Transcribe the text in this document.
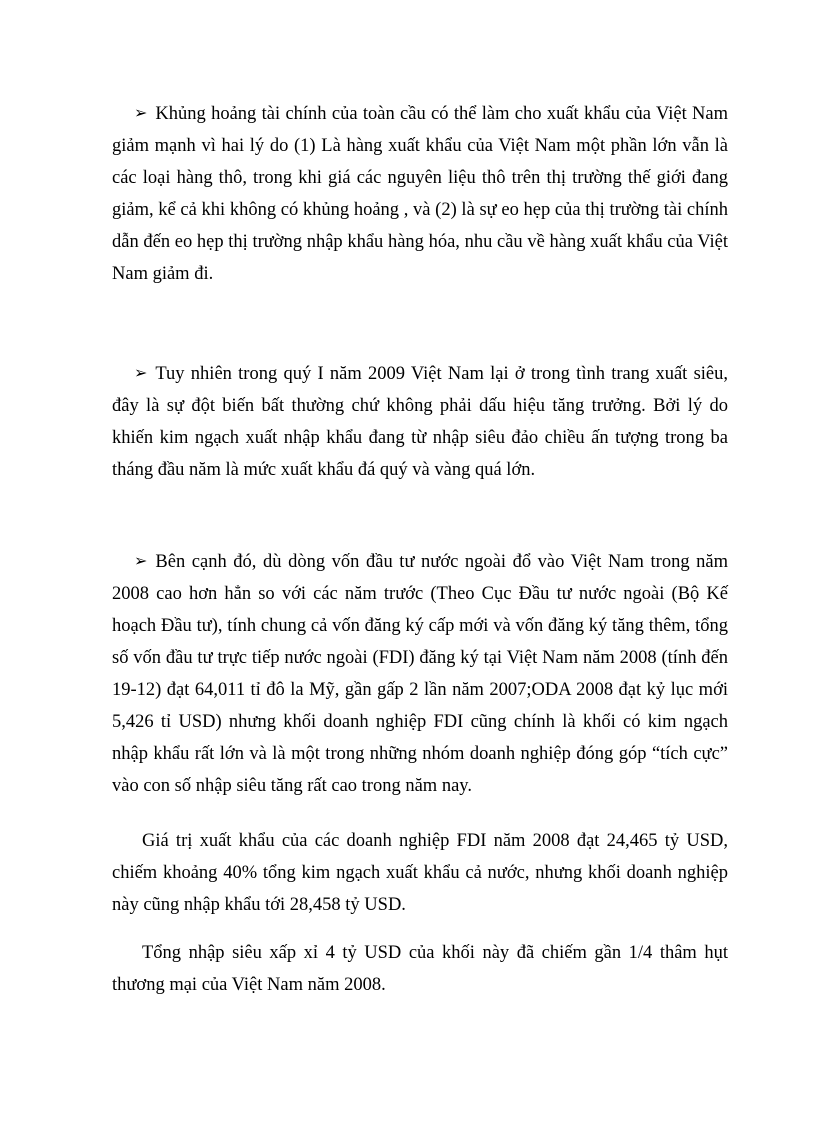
➢ Khủng hoảng tài chính của toàn cầu có thể làm cho xuất khẩu của Việt Nam giảm mạnh vì hai lý do (1) Là hàng xuất khẩu của Việt Nam một phần lớn vẫn là các loại hàng thô, trong khi giá các nguyên liệu thô trên thị trường thế giới đang giảm, kể cả khi không có khủng hoảng , và (2) là sự eo hẹp của thị trường tài chính dẫn đến eo hẹp thị trường nhập khẩu hàng hóa, nhu cầu về hàng xuất khẩu của Việt Nam giảm đi.

➢ Tuy nhiên trong quý I năm 2009 Việt Nam lại ở trong tình trang xuất siêu, đây là sự đột biến bất thường chứ không phải dấu hiệu tăng trưởng. Bởi lý do khiến kim ngạch xuất nhập khẩu đang từ nhập siêu đảo chiều ấn tượng trong ba tháng đầu năm là mức xuất khẩu đá quý và vàng quá lớn.

➢ Bên cạnh đó, dù dòng vốn đầu tư nước ngoài đổ vào Việt Nam trong năm 2008 cao hơn hẳn so với các năm trước (Theo Cục Đầu tư nước ngoài (Bộ Kế hoạch Đầu tư), tính chung cả vốn đăng ký cấp mới và vốn đăng ký tăng thêm, tổng số vốn đầu tư trực tiếp nước ngoài (FDI) đăng ký tại Việt Nam năm 2008 (tính đến 19-12) đạt 64,011 tỉ đô la Mỹ, gần gấp 2 lần năm 2007;ODA 2008 đạt kỷ lục mới 5,426 tỉ USD) nhưng khối doanh nghiệp FDI cũng chính là khối có kim ngạch nhập khẩu rất lớn và là một trong những nhóm doanh nghiệp đóng góp “tích cực” vào con số nhập siêu tăng rất cao trong năm nay.

Giá trị xuất khẩu của các doanh nghiệp FDI năm 2008 đạt 24,465 tỷ USD, chiếm khoảng 40% tổng kim ngạch xuất khẩu cả nước, nhưng khối doanh nghiệp này cũng nhập khẩu tới 28,458 tỷ USD.

Tổng nhập siêu xấp xỉ 4 tỷ USD của khối này đã chiếm gần 1/4 thâm hụt thương mại của Việt Nam năm 2008.
